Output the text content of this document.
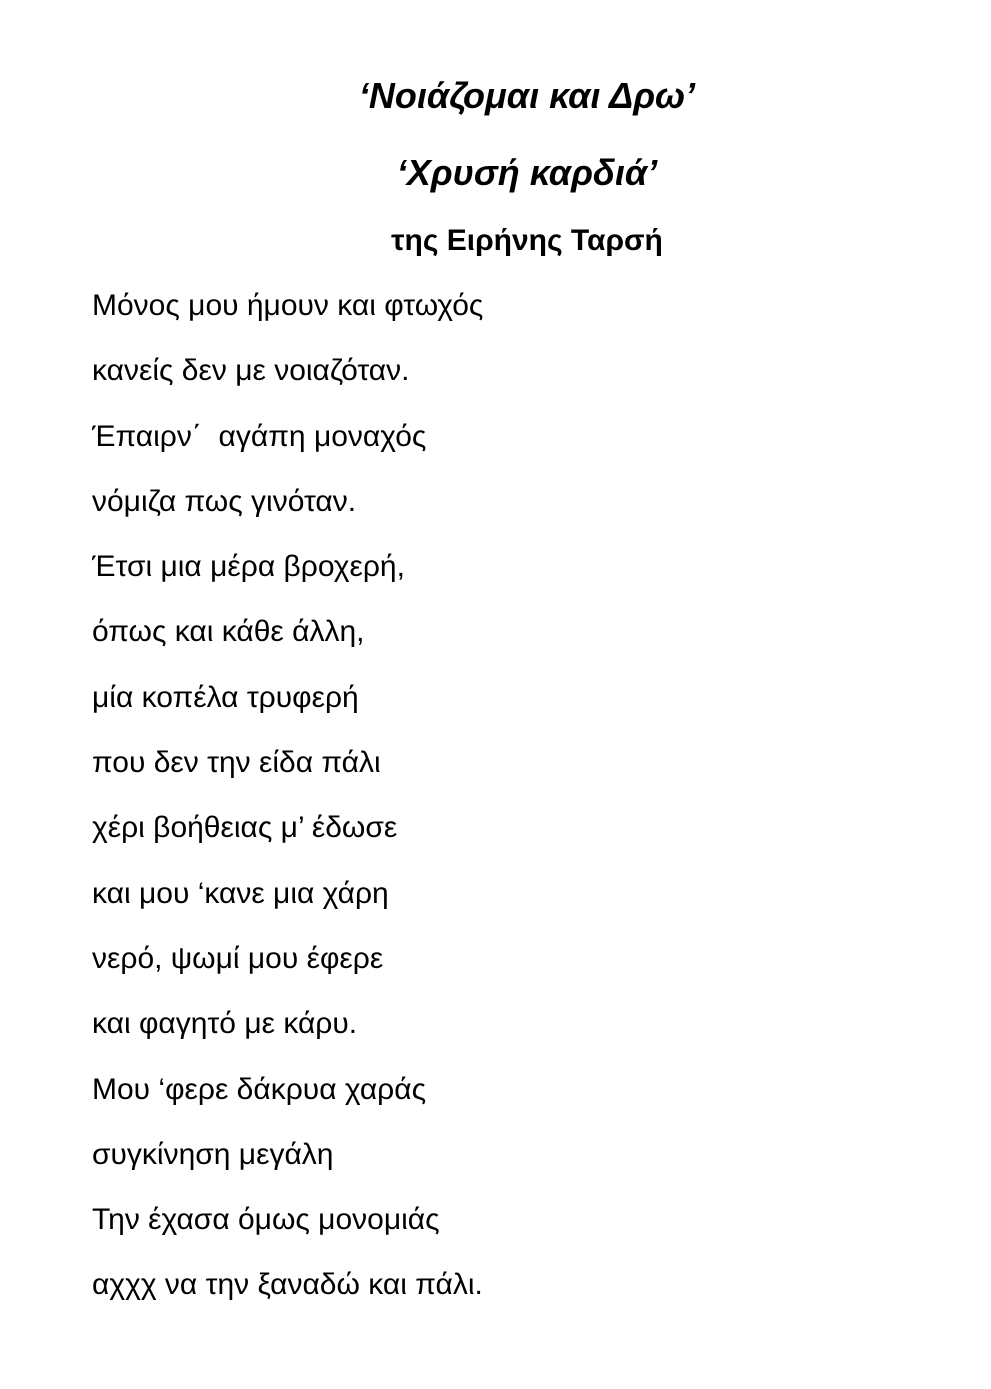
‘Νοιάζομαι και Δρω’
‘Χρυσή καρδιά’
της Ειρήνης Ταρσή
Μόνος μου ήμουν και φτωχός
κανείς δεν με νοιαζόταν.
Έπαιρν΄  αγάπη μοναχός
νόμιζα πως γινόταν.
Έτσι μια μέρα βροχερή,
όπως και κάθε άλλη,
μία κοπέλα τρυφερή
που δεν την είδα πάλι
χέρι βοήθειας μ’ έδωσε
και μου ‘κανε μια χάρη
νερό, ψωμί μου έφερε
και φαγητό με κάρυ.
Μου ‘φερε δάκρυα χαράς
συγκίνηση μεγάλη
Την έχασα όμως μονομιάς
αχχχ να την ξαναδώ και πάλι.
